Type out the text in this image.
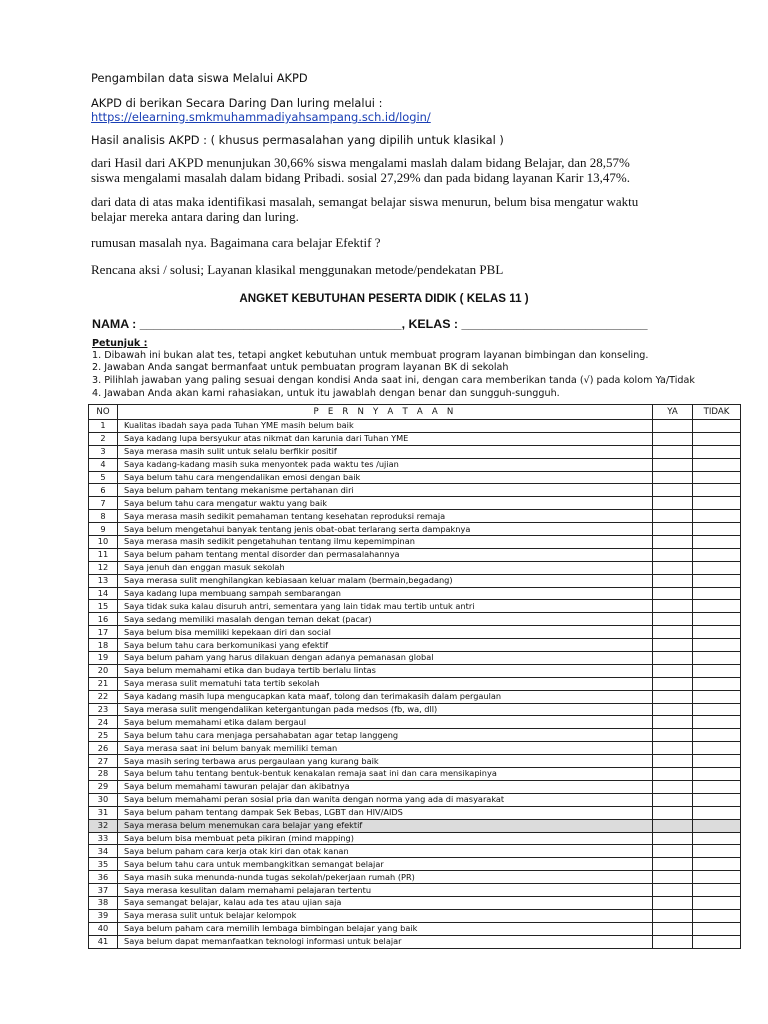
Pengambilan data siswa Melalui AKPD
AKPD di berikan Secara Daring Dan luring melalui :
https://elearning.smkmuhammadiyahsampang.sch.id/login/
Hasil analisis AKPD : ( khusus permasalahan yang dipilih untuk klasikal )
dari Hasil dari AKPD menunjukan 30,66% siswa mengalami maslah dalam bidang Belajar, dan 28,57%
siswa mengalami masalah dalam bidang Pribadi. sosial 27,29% dan pada bidang layanan Karir 13,47%.
dari data di atas maka identifikasi masalah, semangat belajar siswa menurun, belum bisa mengatur waktu
belajar mereka antara daring dan luring.
rumusan masalah nya. Bagaimana cara belajar Efektif ?
Rencana aksi / solusi; Layanan klasikal menggunakan metode/pendekatan PBL
ANGKET KEBUTUHAN PESERTA DIDIK ( KELAS 11 )
NAMA : ______________________________________, KELAS : ___________________________
Petunjuk :
1. Dibawah ini bukan alat tes, tetapi angket kebutuhan untuk membuat program layanan bimbingan dan konseling.
2. Jawaban Anda sangat bermanfaat untuk pembuatan program layanan BK di sekolah
3. Pilihlah jawaban yang paling sesuai dengan kondisi Anda saat ini, dengan cara memberikan tanda (√) pada kolom Ya/Tidak
4. Jawaban Anda akan kami rahasiakan, untuk itu jawablah dengan benar dan sungguh-sungguh.
NO	P E R N Y A T A A N	YA	TIDAK
1	Kualitas ibadah saya pada Tuhan YME masih belum baik		
2	Saya kadang lupa bersyukur atas nikmat dan karunia dari Tuhan YME		
3	Saya merasa masih sulit untuk selalu berfikir positif		
4	Saya kadang-kadang masih suka menyontek pada waktu tes /ujian		
5	Saya belum tahu cara mengendalikan emosi dengan baik		
6	Saya belum paham tentang mekanisme pertahanan diri		
7	Saya belum tahu cara mengatur waktu yang baik		
8	Saya merasa masih sedikit pemahaman tentang kesehatan reproduksi remaja		
9	Saya belum mengetahui banyak tentang jenis obat-obat terlarang serta dampaknya		
10	Saya merasa masih sedikit pengetahuhan tentang ilmu kepemimpinan		
11	Saya belum paham tentang mental disorder dan permasalahannya		
12	Saya jenuh dan enggan masuk sekolah		
13	Saya merasa sulit menghilangkan kebiasaan keluar malam (bermain,begadang)		
14	Saya kadang lupa membuang sampah sembarangan		
15	Saya tidak suka kalau disuruh antri, sementara yang lain tidak mau tertib untuk antri		
16	Saya sedang memiliki masalah dengan teman dekat (pacar)		
17	Saya belum bisa memiliki kepekaan diri dan social		
18	Saya belum tahu cara berkomunikasi yang efektif		
19	Saya belum paham yang harus dilakuan dengan adanya pemanasan global		
20	Saya belum memahami etika dan budaya tertib berlalu lintas		
21	Saya merasa sulit mematuhi tata tertib sekolah		
22	Saya kadang masih lupa mengucapkan kata maaf, tolong dan terimakasih dalam pergaulan		
23	Saya merasa sulit mengendalikan ketergantungan pada medsos (fb, wa, dll)		
24	Saya belum memahami etika dalam bergaul		
25	Saya belum tahu cara menjaga persahabatan agar tetap langgeng		
26	Saya merasa saat ini belum banyak memiliki teman		
27	Saya masih sering terbawa arus pergaulaan yang kurang baik		
28	Saya belum tahu tentang bentuk-bentuk kenakalan remaja saat ini dan cara mensikapinya		
29	Saya belum memahami tawuran pelajar dan akibatnya		
30	Saya belum memahami peran sosial pria dan wanita dengan norma yang ada di masyarakat		
31	Saya belum paham tentang dampak Sek Bebas, LGBT dan HIV/AIDS		
32	Saya merasa belum menemukan cara belajar yang efektif		
33	Saya belum bisa membuat peta pikiran (mind mapping)		
34	Saya belum paham cara kerja otak kiri dan otak kanan		
35	Saya belum tahu cara untuk membangkitkan semangat belajar		
36	Saya masih suka menunda-nunda tugas sekolah/pekerjaan rumah (PR)		
37	Saya merasa kesulitan dalam memahami pelajaran tertentu		
38	Saya semangat belajar, kalau ada tes atau ujian saja		
39	Saya merasa sulit untuk belajar kelompok		
40	Saya belum paham cara memilih lembaga bimbingan belajar yang baik		
41	Saya belum dapat memanfaatkan teknologi informasi untuk belajar		
